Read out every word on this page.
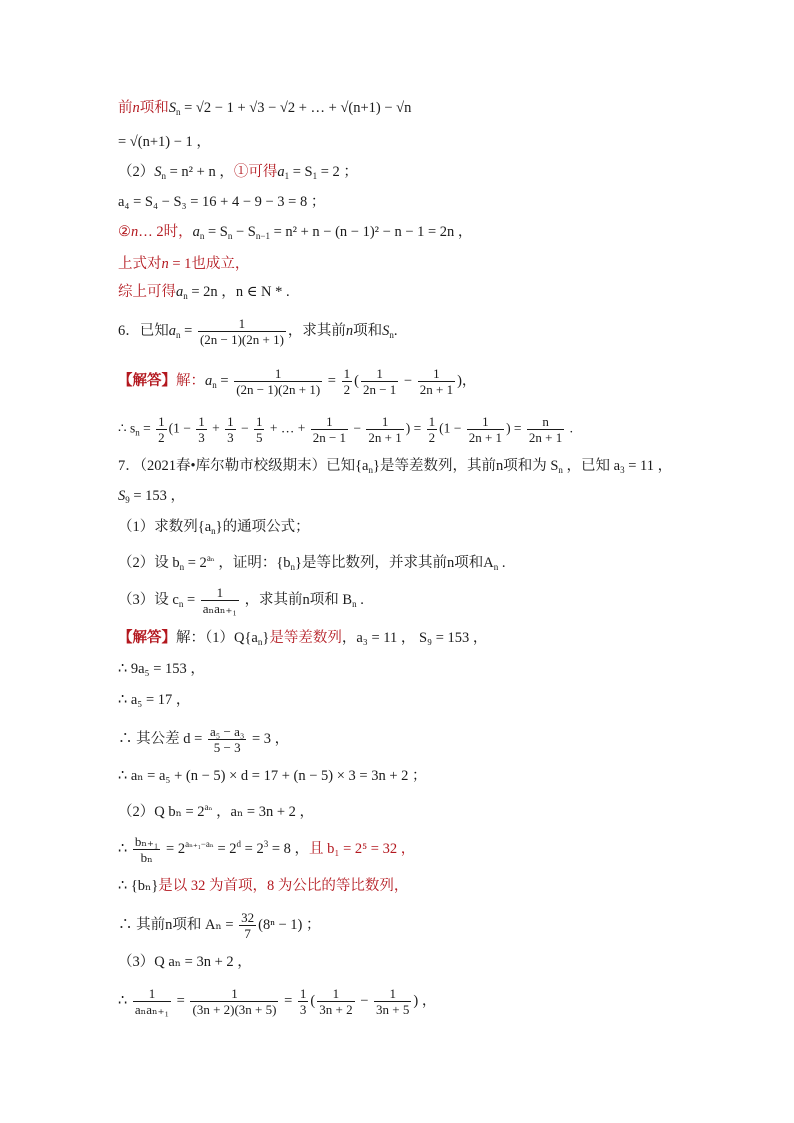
前n项和$S_n = √2 - 1 + √3 - √2$ + … + √(n+1) − √n
= √(n+1) − 1 ，
$(2)S_n = n^2 + n$ ，①可得$a_1 = S_1 = 2$ ；
a₄ = S₄ − S₃ = 16 + 4 − 9 − 3 = 8 ；
②n… 2时，$a_n = S_n - S_{n-1} = n^2 + n - (n - 1)^2 - n - 1 = 2n$ ，
上式对n = 1也成立，
综上可得$a_n = 2n$ ，n ∈ N * .
6．已知$a_n = \frac{1}{(2n - 1)(2n + 1)}$ ，求其前n项和$S_n$.
【解答】解：$a_n = \frac{1}{(2n - 1)(2n + 1)} = \frac{1}{2}$ ( $\frac{1}{2n - 1} - \frac{1}{2n + 1}$ )，
∴ $s_n = \frac{1}{2} (1 - \frac{1}{3} + \frac{1}{3} - \frac{1}{5}$ + … + $\frac{1}{2n - 1} - \frac{1}{2n + 1}$ ) = $\frac{1}{2} (1 - \frac{1}{2n + 1}$ ) = $\frac{n}{2n + 1}$ .
7．（2021春•库尔勒市校级期末）已知$\{a_n\}$是等差数列，其前n项和为 $S_n$ ，已知 $a_3 = 11$ ，
$S_9 = 153$ ，
（1）求数列$\{a_n\}$的通项公式；
（2）设 $b_n = 2^{a_n}$ ，证明：$\{b_n\}$是等比数列，并求其前n项和$A_n$ .
（3）设 $c_n = \frac{1}{\text{aₙaₙ₊₁}}$ ，求其前n项和 $B_n$ .
【解答】解：$(1)Q\{a_n\}$是等差数列，a₃ = 11 ， S₉ = 153 ，
∴ 9a₅ = 153 ，
∴ a₅ = 17 ，
∴ 其公差 $d = \frac{\text{a₅ − a₃}}{5 - 3} = 3$ ，
∴ aₙ = a₅ + (n − 5) × d = 17 + (n − 5) × 3 = 3n + 2 ；
（2）Q $b_n = 2^{a_n}$ ，aₙ = 3n + 2 ，
∴ $\frac{\text{bₙ₊₁}}{\text{bₙ}} = 2^{a_{n+1}-a_n} = 2^d = 2^3 = 8$ ，且 b₁ = 2⁵ = 32 ，
∴ {bₙ}是以 32 为首项，8 为公比的等比数列，
∴ 其前n项和 $A_n = \frac{32}{7} (8^n - 1)$ ；
（3）Q aₙ = 3n + 2 ，
∴ $\frac{1}{\text{aₙaₙ₊₁}} = \frac{1}{(3n + 2)(3n + 5)} = \frac{1}{3}$ ( $\frac{1}{3n + 2} - \frac{1}{3n + 5}$ ) ，
